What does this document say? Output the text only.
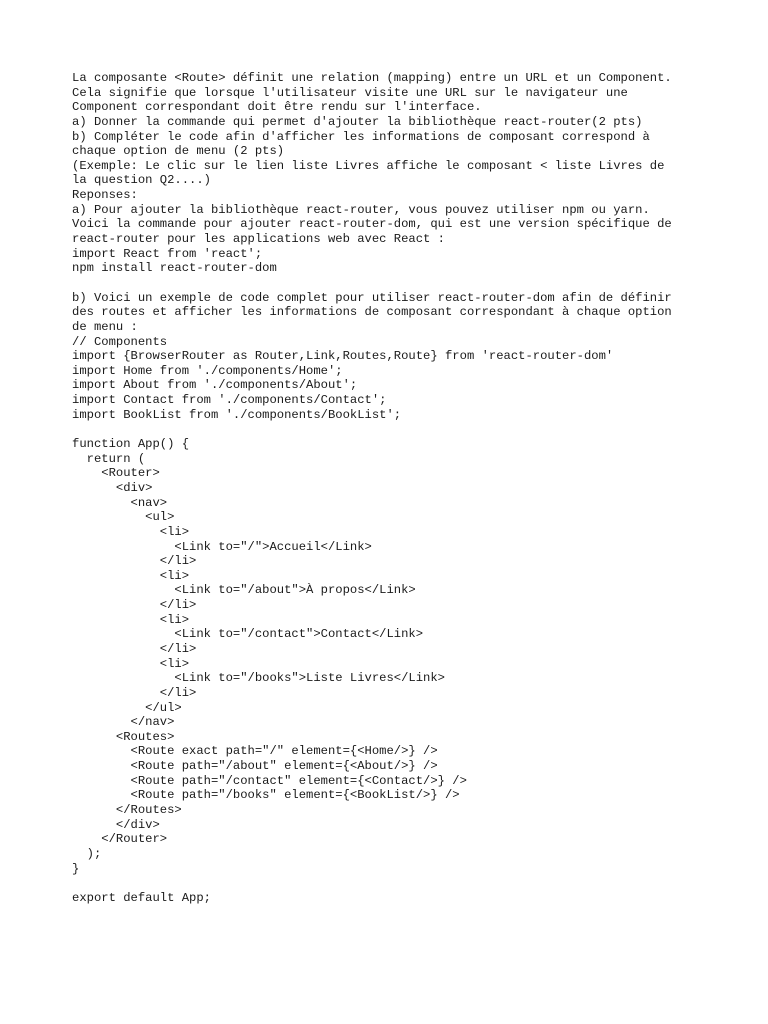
La composante <Route> définit une relation (mapping) entre un URL et un Component.
Cela signifie que lorsque l'utilisateur visite une URL sur le navigateur une
Component correspondant doit être rendu sur l'interface.
a) Donner la commande qui permet d'ajouter la bibliothèque react-router(2 pts)
b) Compléter le code afin d'afficher les informations de composant correspond à
chaque option de menu (2 pts)
(Exemple: Le clic sur le lien liste Livres affiche le composant < liste Livres de
la question Q2....)
Reponses:
a) Pour ajouter la bibliothèque react-router, vous pouvez utiliser npm ou yarn.
Voici la commande pour ajouter react-router-dom, qui est une version spécifique de
react-router pour les applications web avec React :
import React from 'react';
npm install react-router-dom
b) Voici un exemple de code complet pour utiliser react-router-dom afin de définir
des routes et afficher les informations de composant correspondant à chaque option
de menu :
// Components
import {BrowserRouter as Router,Link,Routes,Route} from 'react-router-dom'
import Home from './components/Home';
import About from './components/About';
import Contact from './components/Contact';
import BookList from './components/BookList';
function App() {
return (
<Router>
<div>
<nav>
<ul>
<li>
<Link to="/">Accueil</Link>
</li>
<li>
<Link to="/about">À propos</Link>
</li>
<li>
<Link to="/contact">Contact</Link>
</li>
<li>
<Link to="/books">Liste Livres</Link>
</li>
</ul>
</nav>
<Routes>
<Route exact path="/" element={<Home/>} />
<Route path="/about" element={<About/>} />
<Route path="/contact" element={<Contact/>} />
<Route path="/books" element={<BookList/>} />
</Routes>
</div>
</Router>
);
}
export default App;
